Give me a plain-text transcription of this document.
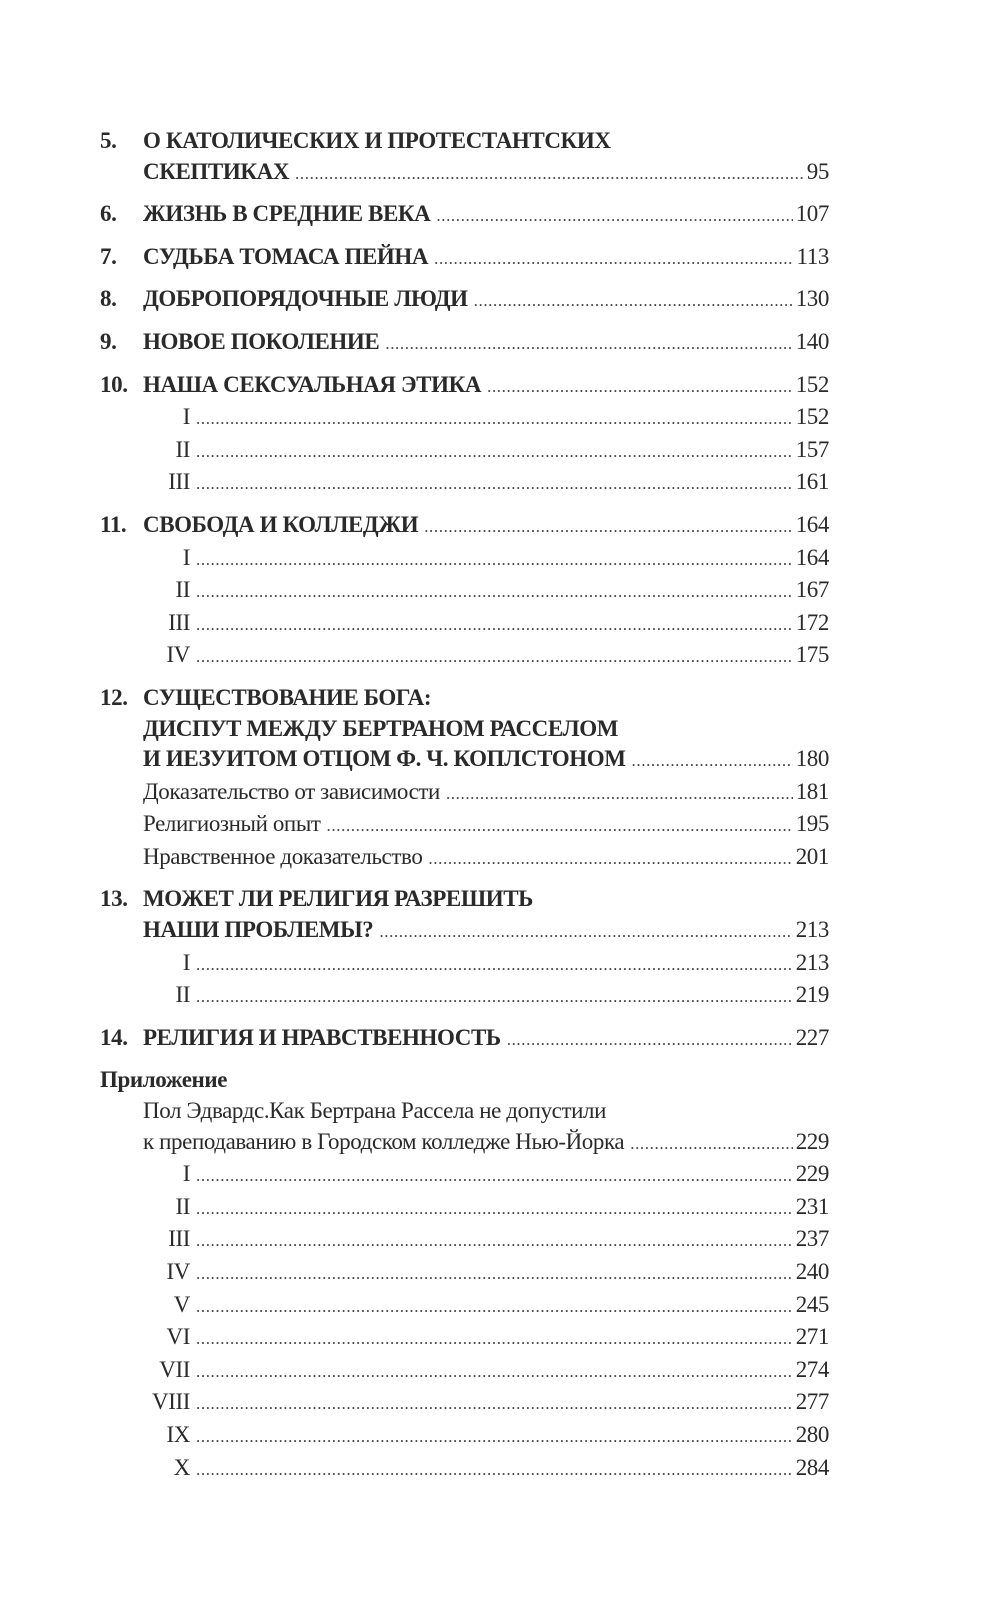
5.	О КАТОЛИЧЕСКИХ И ПРОТЕСТАНТСКИХ
СКЕПТИКАХ .....	95
6.	ЖИЗНЬ В СРЕДНИЕ ВЕКА .....	107
7.	СУДЬБА ТОМАСА ПЕЙНА .....	113
8.	ДОБРОПОРЯДОЧНЫЕ ЛЮДИ .....	130
9.	НОВОЕ ПОКОЛЕНИЕ .....	140
10. НАША СЕКСУАЛЬНАЯ ЭТИКА .....	152
I .....	152
II .....	157
III .....	161
11. СВОБОДА И КОЛЛЕДЖИ .....	164
I .....	164
II .....	167
III .....	172
IV .....	175
12. СУЩЕСТВОВАНИЕ БОГА:
ДИСПУТ МЕЖДУ БЕРТРАНОМ РАССЕЛОМ
И ИЕЗУИТОМ ОТЦОМ Ф. Ч. КОПЛСТОНОМ .....	180
Доказательство от зависимости .....	181
Религиозный опыт .....	195
Нравственное доказательство .....	201
13. МОЖЕТ ЛИ РЕЛИГИЯ РАЗРЕШИТЬ
НАШИ ПРОБЛЕМЫ? .....	213
I .....	213
II .....	219
14. РЕЛИГИЯ И НРАВСТВЕННОСТЬ .....	227
Приложение
Пол Эдвардс.Как Бертрана Рассела не допустили
к преподаванию в Городском колледже Нью-Йорка .....	229
I .....	229
II .....	231
III .....	237
IV .....	240
V .....	245
VI .....	271
VII .....	274
VIII .....	277
IX .....	280
X .....	284
